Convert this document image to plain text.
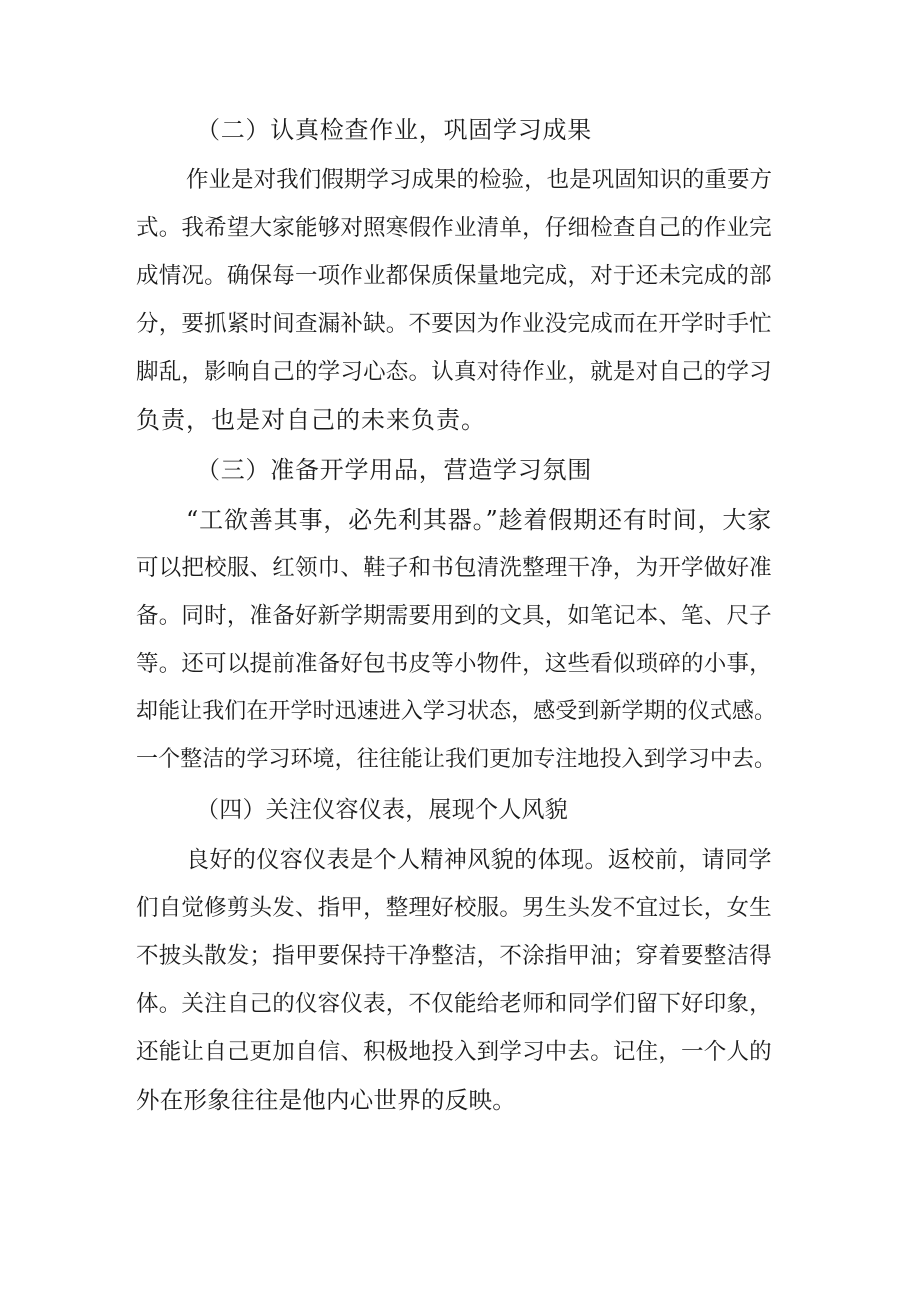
（二）认真检查作业，巩固学习成果
作业是对我们假期学习成果的检验，也是巩固知识的重要方
式。我希望大家能够对照寒假作业清单，仔细检查自己的作业完
成情况。确保每一项作业都保质保量地完成，对于还未完成的部
分，要抓紧时间查漏补缺。不要因为作业没完成而在开学时手忙
脚乱，影响自己的学习心态。认真对待作业，就是对自己的学习
负责，也是对自己的未来负责。
（三）准备开学用品，营造学习氛围
“工欲善其事，必先利其器。”趁着假期还有时间，大家
可以把校服、红领巾、鞋子和书包清洗整理干净，为开学做好准
备。同时，准备好新学期需要用到的文具，如笔记本、笔、尺子
等。还可以提前准备好包书皮等小物件，这些看似琐碎的小事，
却能让我们在开学时迅速进入学习状态，感受到新学期的仪式感。
一个整洁的学习环境，往往能让我们更加专注地投入到学习中去。
（四）关注仪容仪表，展现个人风貌
良好的仪容仪表是个人精神风貌的体现。返校前，请同学
们自觉修剪头发、指甲，整理好校服。男生头发不宜过长，女生
不披头散发；指甲要保持干净整洁，不涂指甲油；穿着要整洁得
体。关注自己的仪容仪表，不仅能给老师和同学们留下好印象，
还能让自己更加自信、积极地投入到学习中去。记住，一个人的
外在形象往往是他内心世界的反映。
